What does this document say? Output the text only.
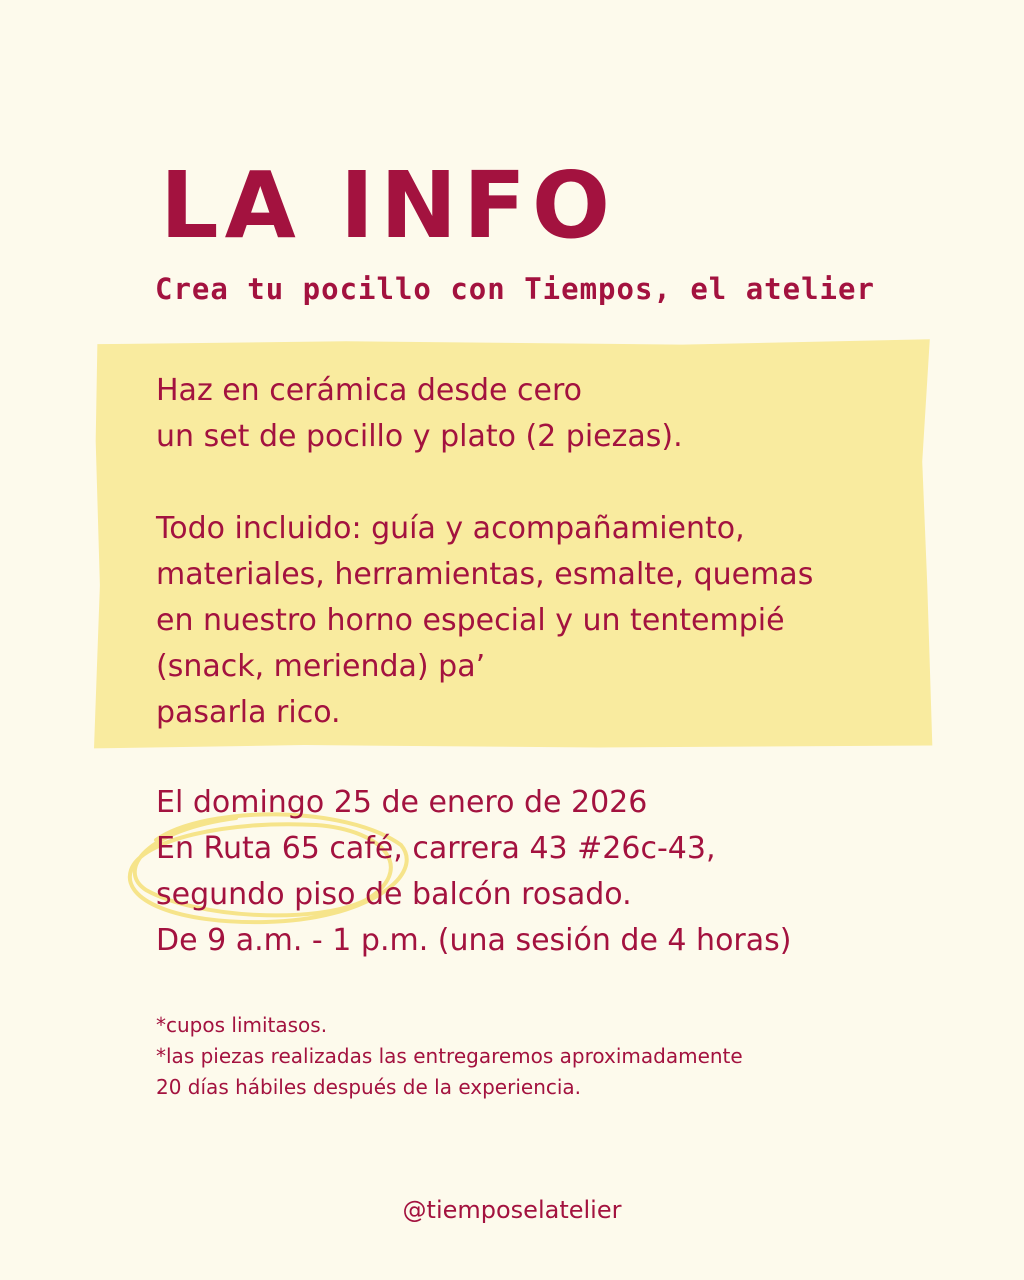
LA INFO
Crea tu pocillo con Tiempos, el atelier

Haz en cerámica desde cero
un set de pocillo y plato (2 piezas).

Todo incluido: guía y acompañamiento,
materiales, herramientas, esmalte, quemas
en nuestro horno especial y un tentempié
(snack, merienda) pa’
pasarla rico.

El domingo 25 de enero de 2026
En Ruta 65 café, carrera 43 #26c-43,
segundo piso de balcón rosado.
De 9 a.m. - 1 p.m. (una sesión de 4 horas)

*cupos limitasos.
*las piezas realizadas las entregaremos aproximadamente
20 días hábiles después de la experiencia.
@tiemposelatelier
